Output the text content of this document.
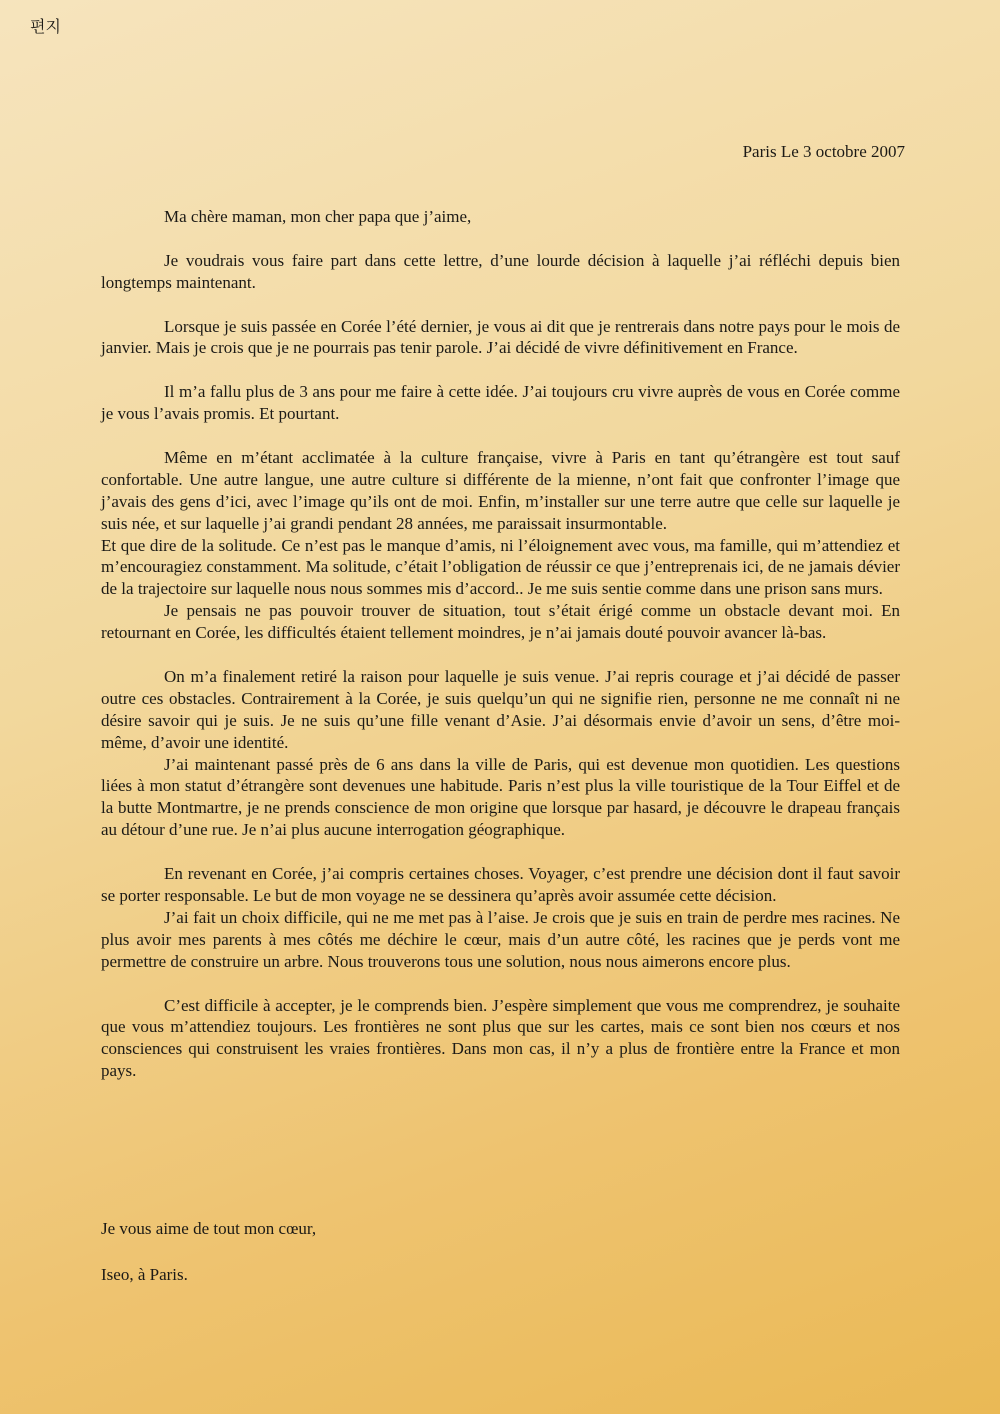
편지
Paris Le 3 octobre 2007

Ma chère maman, mon cher papa que j’aime,

Je voudrais vous faire part dans cette lettre, d’une lourde décision à laquelle j’ai réfléchi depuis bien longtemps maintenant.

Lorsque je suis passée en Corée l’été dernier, je vous ai dit que je rentrerais dans notre pays pour le mois de janvier. Mais je crois que je ne pourrais pas tenir parole. J’ai décidé de vivre définitivement en France.

Il m’a fallu plus de 3 ans pour me faire à cette idée. J’ai toujours cru vivre auprès de vous en Corée comme je vous l’avais promis. Et pourtant.

Même en m’étant acclimatée à la culture française, vivre à Paris en tant qu’étrangère est tout sauf confortable. Une autre langue, une autre culture si différente de la mienne, n’ont fait que confronter l’image que j’avais des gens d’ici, avec l’image qu’ils ont de moi. Enfin, m’installer sur une terre autre que celle sur laquelle je suis née, et sur laquelle j’ai grandi pendant 28 années, me paraissait insurmontable.

Et que dire de la solitude. Ce n’est pas le manque d’amis, ni l’éloignement avec vous, ma famille, qui m’attendiez et m’encouragiez constamment. Ma solitude, c’était l’obligation de réussir ce que j’entreprenais ici, de ne jamais dévier de la trajectoire sur laquelle nous nous sommes mis d’accord.. Je me suis sentie comme dans une prison sans murs.

Je pensais ne pas pouvoir trouver de situation, tout s’était érigé comme un obstacle devant moi. En retournant en Corée, les difficultés étaient tellement moindres, je n’ai jamais douté pouvoir avancer là-bas.

On m’a finalement retiré la raison pour laquelle je suis venue. J’ai repris courage et j’ai décidé de passer outre ces obstacles. Contrairement à la Corée, je suis quelqu’un qui ne signifie rien, personne ne me connaît ni ne désire savoir qui je suis. Je ne suis qu’une fille venant d’Asie. J’ai désormais envie d’avoir un sens, d’être moi-même, d’avoir une identité.

J’ai maintenant passé près de 6 ans dans la ville de Paris, qui est devenue mon quotidien. Les questions liées à mon statut d’étrangère sont devenues une habitude. Paris n’est plus la ville touristique de la Tour Eiffel et de la butte Montmartre, je ne prends conscience de mon origine que lorsque par hasard, je découvre le drapeau français au détour d’une rue. Je n’ai plus aucune interrogation géographique.

En revenant en Corée, j’ai compris certaines choses. Voyager, c’est prendre une décision dont il faut savoir se porter responsable. Le but de mon voyage ne se dessinera qu’après avoir assumée cette décision.

J’ai fait un choix difficile, qui ne me met pas à l’aise. Je crois que je suis en train de perdre mes racines. Ne plus avoir mes parents à mes côtés me déchire le cœur, mais d’un autre côté, les racines que je perds vont me permettre de construire un arbre. Nous trouverons tous une solution, nous nous aimerons encore plus.

C’est difficile à accepter, je le comprends bien. J’espère simplement que vous me comprendrez, je souhaite que vous m’attendiez toujours. Les frontières ne sont plus que sur les cartes, mais ce sont bien nos cœurs et nos consciences qui construisent les vraies frontières. Dans mon cas, il n’y a plus de frontière entre la France et mon pays.

Je vous aime de tout mon cœur,
Iseo, à Paris.
